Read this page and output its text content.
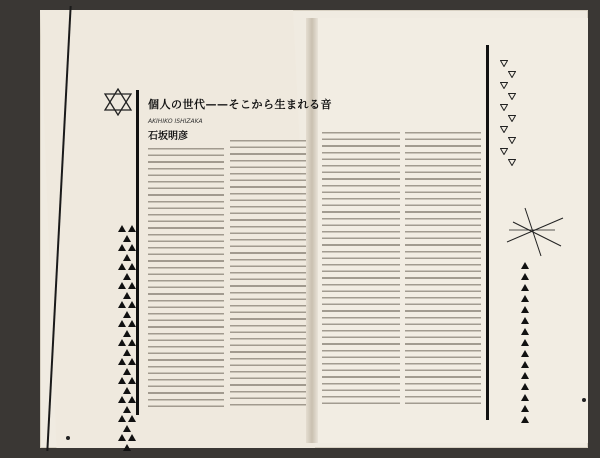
個人の世代——そこから生まれる音
AKIHIKO ISHIZAKA
石坂明彦
